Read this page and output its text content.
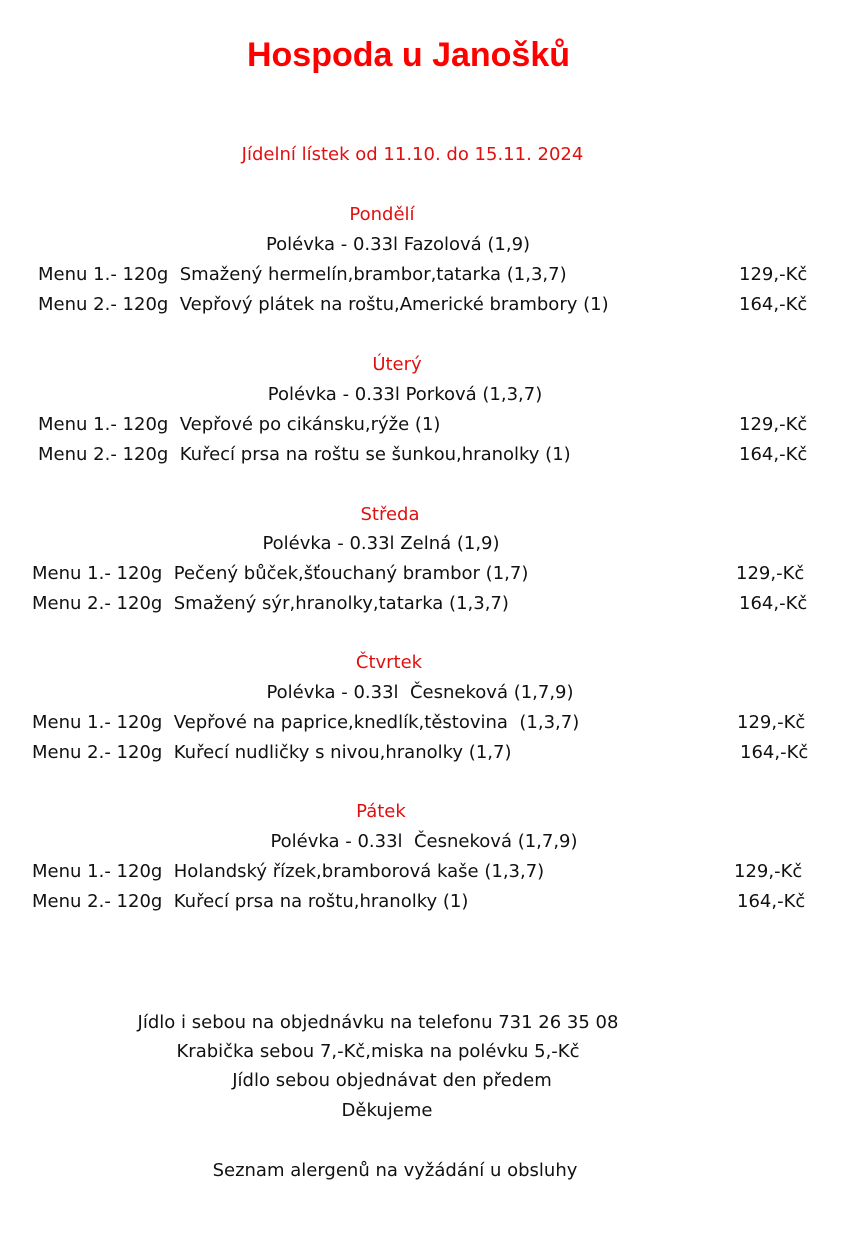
Hospoda u Janošků
Jídelní lístek od 11.10. do 15.11. 2024
Pondělí
Polévka - 0.33l Fazolová (1,9)
Menu 1.- 120g  Smažený hermelín,brambor,tatarka (1,3,7)	129,-Kč
Menu 2.- 120g  Vepřový plátek na roštu,Americké brambory (1)	164,-Kč
Úterý
Polévka - 0.33l Porková (1,3,7)
Menu 1.- 120g  Vepřové po cikánsku,rýže (1)	129,-Kč
Menu 2.- 120g  Kuřecí prsa na roštu se šunkou,hranolky (1)	164,-Kč
Středa
Polévka - 0.33l Zelná (1,9)
Menu 1.- 120g  Pečený bůček,šťouchaný brambor (1,7)	129,-Kč
Menu 2.- 120g  Smažený sýr,hranolky,tatarka (1,3,7)	164,-Kč
Čtvrtek
Polévka - 0.33l  Česneková (1,7,9)
Menu 1.- 120g  Vepřové na paprice,knedlík,těstovina  (1,3,7)	129,-Kč
Menu 2.- 120g  Kuřecí nudličky s nivou,hranolky (1,7)	164,-Kč
Pátek
Polévka - 0.33l  Česneková (1,7,9)
Menu 1.- 120g  Holandský řízek,bramborová kaše (1,3,7)	129,-Kč
Menu 2.- 120g  Kuřecí prsa na roštu,hranolky (1)	164,-Kč
Jídlo i sebou na objednávku na telefonu 731 26 35 08
Krabička sebou 7,-Kč,miska na polévku 5,-Kč
Jídlo sebou objednávat den předem
Děkujeme
Seznam alergenů na vyžádání u obsluhy
